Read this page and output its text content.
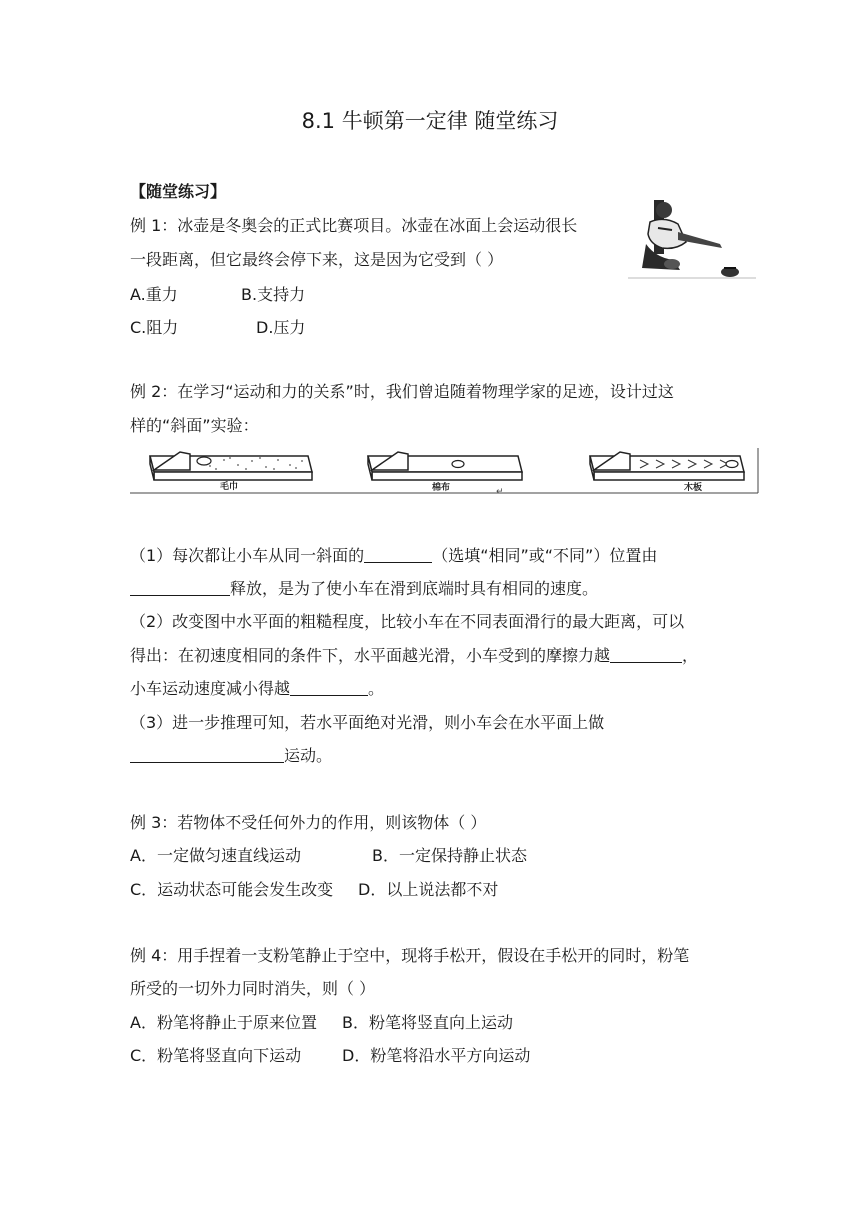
8.1 牛顿第一定律 随堂练习
【随堂练习】
例 1：冰壶是冬奥会的正式比赛项目。冰壶在冰面上会运动很长
一段距离，但它最终会停下来，这是因为它受到（ ）
A.重力	B.支持力
C.阻力	D.压力
例 2：在学习“运动和力的关系”时，我们曾追随着物理学家的足迹，设计过这
样的“斜面”实验：
毛巾	棉布	↵	木板
（1）每次都让小车从同一斜面的	（选填“相同”或“不同”）位置由
释放，是为了使小车在滑到底端时具有相同的速度。
（2）改变图中水平面的粗糙程度，比较小车在不同表面滑行的最大距离，可以
得出：在初速度相同的条件下，水平面越光滑，小车受到的摩擦力越	，
小车运动速度减小得越	。
（3）进一步推理可知，若水平面绝对光滑，则小车会在水平面上做
运动。
例 3：若物体不受任何外力的作用，则该物体（ ）
A．一定做匀速直线运动	B．一定保持静止状态
C．运动状态可能会发生改变 D．以上说法都不对
例 4：用手捏着一支粉笔静止于空中，现将手松开，假设在手松开的同时，粉笔
所受的一切外力同时消失，则（ ）
A．粉笔将静止于原来位置 B．粉笔将竖直向上运动
C．粉笔将竖直向下运动	D．粉笔将沿水平方向运动
